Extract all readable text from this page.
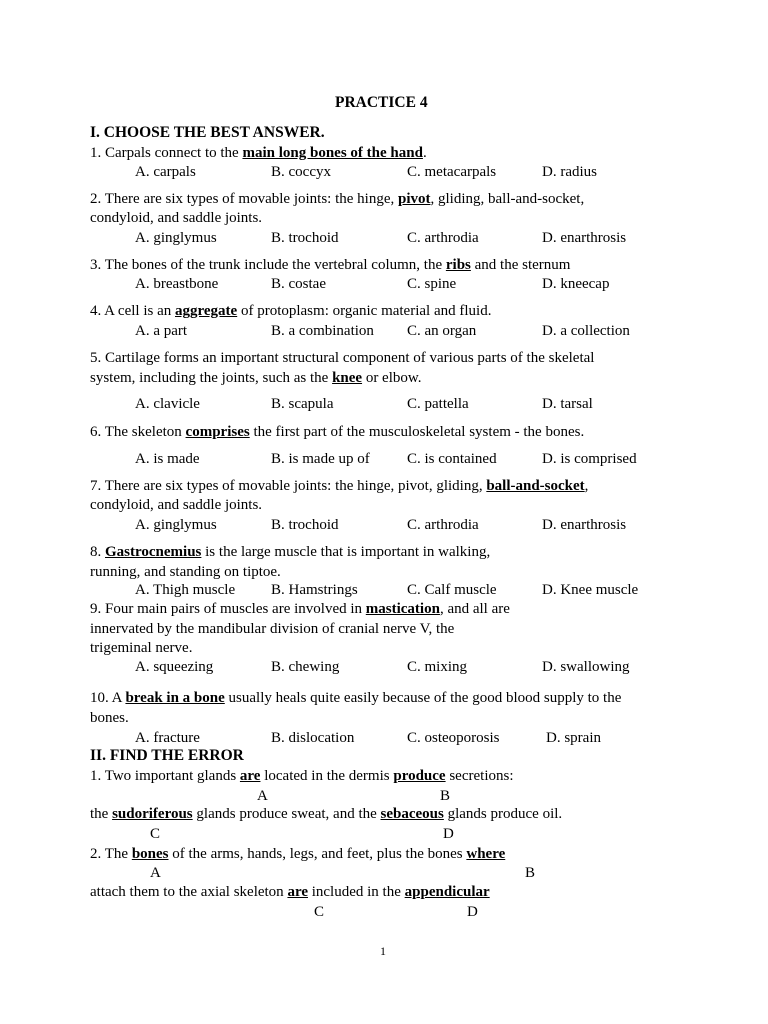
PRACTICE 4
I. CHOOSE THE BEST ANSWER.
1. Carpals connect to the main long bones of the hand.
A. carpals	B. coccyx	C. metacarpals	D. radius
2. There are six types of movable joints: the hinge, pivot, gliding, ball-and-socket,
condyloid, and saddle joints.
A. ginglymus	B. trochoid	C. arthrodia	D. enarthrosis
3. The bones of the trunk include the vertebral column, the ribs and the sternum
A. breastbone	B. costae	C. spine	D. kneecap
4. A cell is an aggregate of protoplasm: organic material and fluid.
A. a part	B. a combination C. an organ	D. a collection
5. Cartilage forms an important structural component of various parts of the skeletal
system, including the joints, such as the knee or elbow.
A. clavicle	B. scapula	C. pattella	D. tarsal
6. The skeleton comprises the first part of the musculoskeletal system - the bones.
A. is made	B. is made up of C. is contained	D. is comprised
7. There are six types of movable joints: the hinge, pivot, gliding, ball-and-socket,
condyloid, and saddle joints.
A. ginglymus	B. trochoid	C. arthrodia	D. enarthrosis
8. Gastrocnemius is the large muscle that is important in walking,
running, and standing on tiptoe.
A. Thigh muscle B. Hamstrings	C. Calf muscle	D. Knee muscle
9. Four main pairs of muscles are involved in mastication, and all are
innervated by the mandibular division of cranial nerve V, the
trigeminal nerve.
A. squeezing	B. chewing	C. mixing	D. swallowing
10. A break in a bone usually heals quite easily because of the good blood supply to the
bones.
A. fracture	B. dislocation	C. osteoporosis	D. sprain
II. FIND THE ERROR
1. Two important glands are located in the dermis produce secretions:
A	B
the sudoriferous glands produce sweat, and the sebaceous glands produce oil.
C	D
2. The bones of the arms, hands, legs, and feet, plus the bones where
A	B
attach them to the axial skeleton are included in the appendicular
C	D
1
